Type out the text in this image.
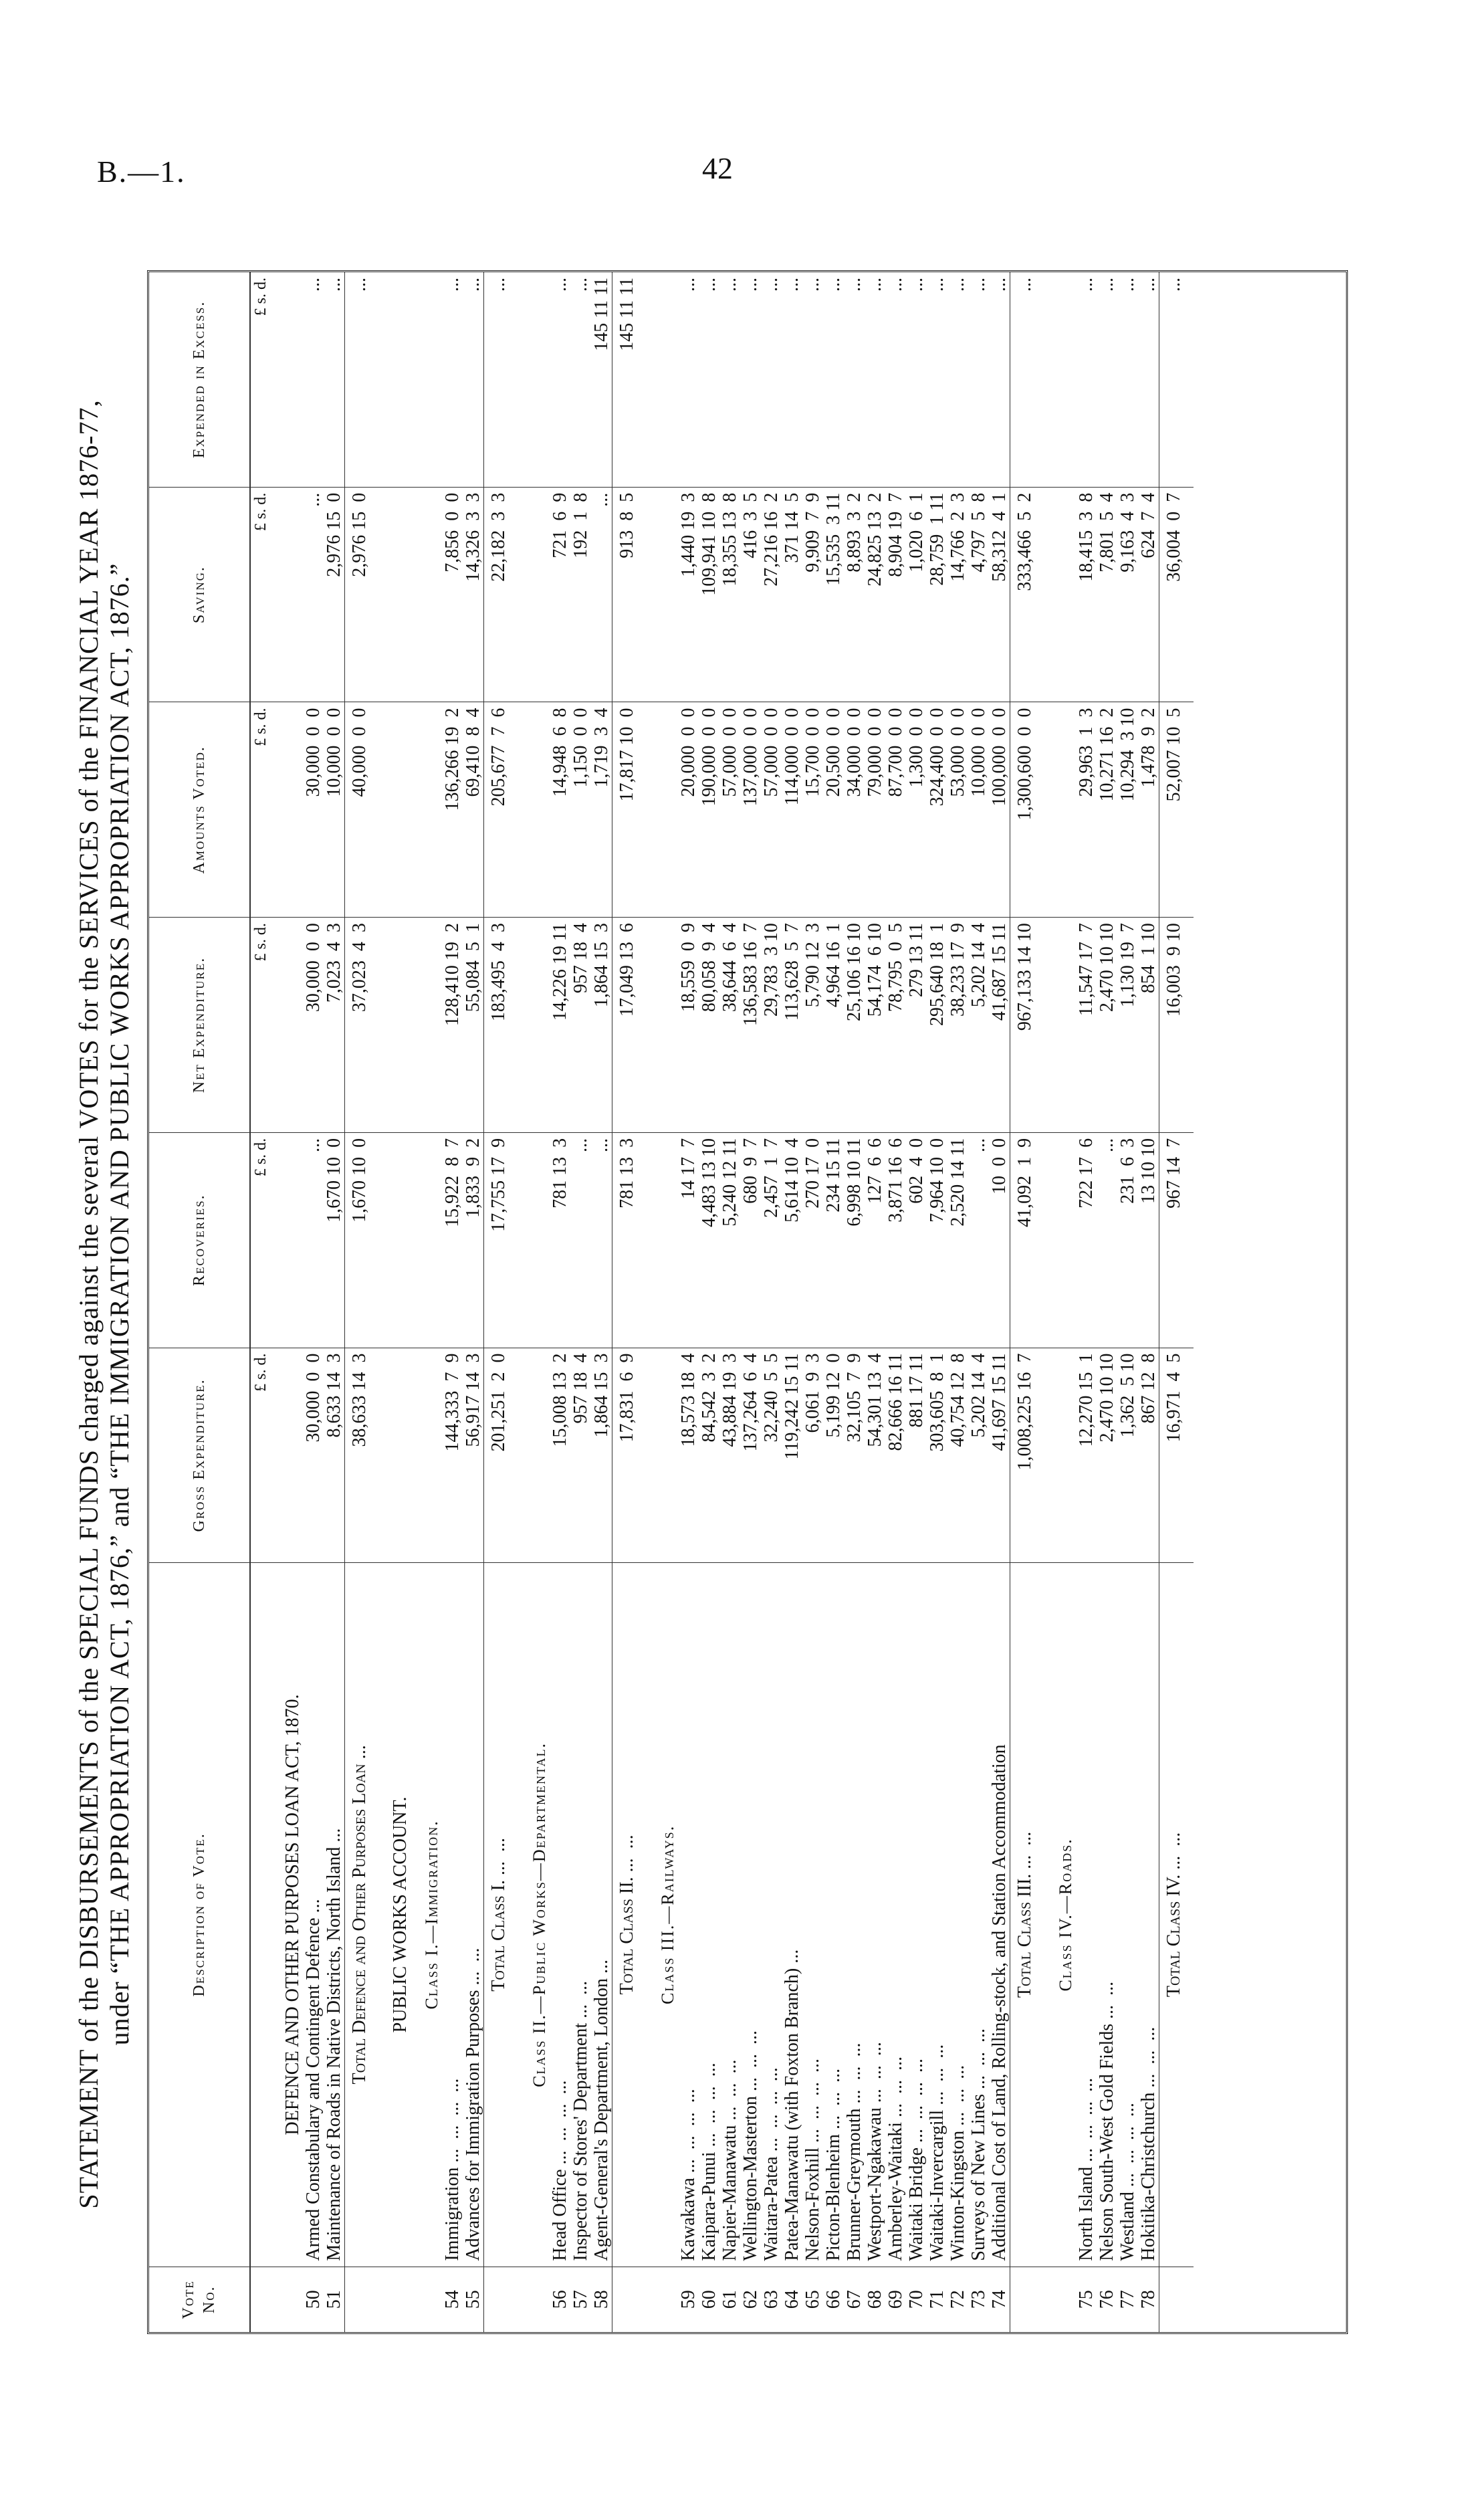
B.—1.	42
STATEMENT of the DISBURSEMENTS of the SPECIAL FUNDS charged against the several VOTES for the SERVICES of the FINANCIAL YEAR 1876-77, under “THE APPROPRIATION ACT, 1876,” and “THE IMMIGRATION AND PUBLIC WORKS APPROPRIATION ACT, 1876.”
Vote No.	Description of Vote.	Gross Expenditure.	Recoveries.	Net Expenditure.	Amounts Voted.	Saving.	Expended in Excess.
		£ s. d.	£ s. d.	£ s. d.	£ s. d.	£ s. d.	£ s. d.
	DEFENCE AND OTHER PURPOSES LOAN ACT, 1870.						
50	Armed Constabulary and Contingent Defence ...	30,000  0  0	...	30,000  0  0	30,000  0  0	...	...
51	Maintenance of Roads in Native Districts, North Island ...	8,633 14  3	1,670 10  0	7,023  4  3	10,000  0  0	2,976 15  0	...
	Total Defence and Other Purposes Loan ...	38,633 14  3	1,670 10  0	37,023  4  3	40,000  0  0	2,976 15  0	...
	PUBLIC WORKS ACCOUNT.						
	Class I.—Immigration.						
54	Immigration ...  ...  ...  ...	144,333  7  9	15,922  8  7	128,410 19  2	136,266 19  2	7,856  0  0	...
55	Advances for Immigration Purposes ...  ...	56,917 14  3	1,833  9  2	55,084  5  1	69,410  8  4	14,326  3  3	...
	Total Class I. ...  ...	201,251  2  0	17,755 17  9	183,495  4  3	205,677  7  6	22,182  3  3	...
	Class II.—Public Works—Departmental.						
56	Head Office ...  ...  ...  ...	15,008 13  2	781 13  3	14,226 19 11	14,948  6  8	721  6  9	...
57	Inspector of Stores' Department ...  ...	957 18  4	...	957 18  4	1,150  0  0	192  1  8	...
58	Agent-General's Department, London ...	1,864 15  3	...	1,864 15  3	1,719  3  4	...	145 11 11
	Total Class II. ...  ...	17,831  6  9	781 13  3	17,049 13  6	17,817 10  0	913  8  5	145 11 11
	Class III.—Railways.						
59	Kawakawa ...  ...  ...  ...	18,573 18  4	14 17  7	18,559  0  9	20,000  0  0	1,440 19  3	...
60	Kaipara-Punui ...  ...  ...  ...	84,542  3  2	4,483 13 10	80,058  9  4	190,000  0  0	109,941 10  8	...
61	Napier-Manawatu ...  ...  ...	43,884 19  3	5,240 12 11	38,644  6  4	57,000  0  0	18,355 13  8	...
62	Wellington-Masterton ...  ...  ...	137,264  6  4	680  9  7	136,583 16  7	137,000  0  0	416  3  5	...
63	Waitara-Patea ...  ...  ...  ...	32,240  5  5	2,457  1  7	29,783  3 10	57,000  0  0	27,216 16  2	...
64	Patea-Manawatu (with Foxton Branch) ...	119,242 15 11	5,614 10  4	113,628  5  7	114,000  0  0	371 14  5	...
65	Nelson-Foxhill ...  ...  ...  ...	6,061  9  3	270 17  0	5,790 12  3	15,700  0  0	9,909  7  9	...
66	Picton-Blenheim ...  ...  ...	5,199 12  0	234 15 11	4,964 16  1	20,500  0  0	15,535  3 11	...
67	Brunner-Greymouth ...  ...  ...	32,105  7  9	6,998 10 11	25,106 16 10	34,000  0  0	8,893  3  2	...
68	Westport-Ngakawau ...  ...  ...	54,301 13  4	127  6  6	54,174  6 10	79,000  0  0	24,825 13  2	...
69	Amberley-Waitaki ...  ...  ...	82,666 16 11	3,871 16  6	78,795  0  5	87,700  0  0	8,904 19  7	...
70	Waitaki Bridge ...  ...  ...  ...	881 17 11	602  4  0	279 13 11	1,300  0  0	1,020  6  1	...
71	Waitaki-Invercargill ...  ...  ...	303,605  8  1	7,964 10  0	295,640 18  1	324,400  0  0	28,759  1 11	...
72	Winton-Kingston ...  ...  ...	40,754 12  8	2,520 14 11	38,233 17  9	53,000  0  0	14,766  2  3	...
73	Surveys of New Lines ...  ...  ...	5,202 14  4	...	5,202 14  4	10,000  0  0	4,797  5  8	...
74	Additional Cost of Land, Rolling-stock, and Station Accommodation	41,697 15 11	10  0  0	41,687 15 11	100,000  0  0	58,312  4  1	...
	Total Class III. ...  ...	1,008,225 16  7	41,092  1  9	967,133 14 10	1,300,600  0  0	333,466  5  2	...
	Class IV.—Roads.						
75	North Island ...  ...  ...  ...	12,270 15  1	722 17  6	11,547 17  7	29,963  1  3	18,415  3  8	...
76	Nelson South-West Gold Fields ...  ...	2,470 10 10	...	2,470 10 10	10,271 16  2	7,801  5  4	...
77	Westland ...  ...  ...  ...	1,362  5 10	231  6  3	1,130 19  7	10,294  3 10	9,163  4  3	...
78	Hokitika-Christchurch ...  ...  ...	867 12  8	13 10 10	854  1 10	1,478  9  2	624  7  4	...
	Total Class IV. ...  ...	16,971  4  5	967 14  7	16,003  9 10	52,007 10  5	36,004  0  7	...
